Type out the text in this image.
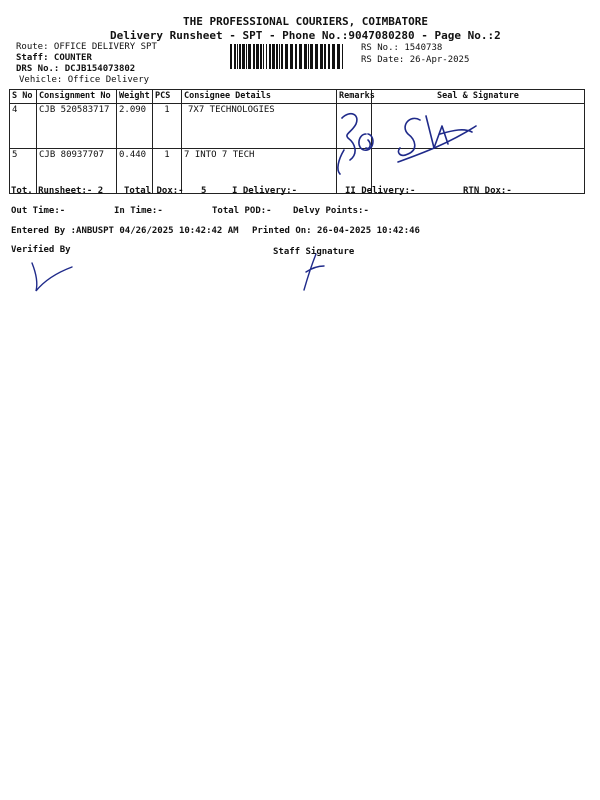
THE PROFESSIONAL COURIERS, COIMBATORE
Delivery Runsheet - SPT - Phone No.:9047080280 - Page No.:2
Route: OFFICE DELIVERY SPT
Staff: COUNTER
DRS No.: DCJB154073802
Vehicle: Office Delivery
RS No.: 1540738
RS Date: 26-Apr-2025
S No	Consignment No	Weight	PCS	Consignee Details	Remarks	Seal & Signature
4	CJB 520583717	2.090	1	7X7 TECHNOLOGIES		
5	CJB 80937707	0.440	1	7 INTO 7 TECH		
Tot. Runsheet:- 2 Total Dox:- 5	I Delivery:-	II Delivery:-	RTN Dox:-
Out Time:-	In Time:-	Total POD:- Delvy Points:-
Entered By :ANBUSPT 04/26/2025 10:42:42 AM Printed On: 26-04-2025 10:42:46
Verified By	Staff Signature
